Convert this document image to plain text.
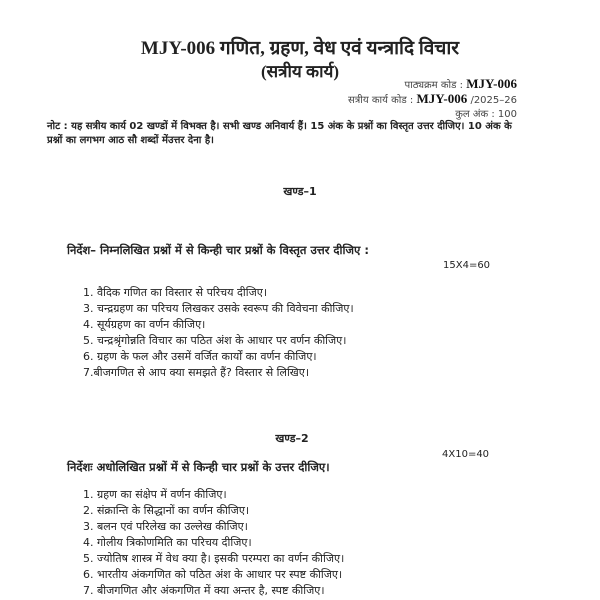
MJY-006 गणित, ग्रहण, वेध एवं यन्त्रादि विचार
(सत्रीय कार्य)
पाठ्यक्रम कोड : MJY-006
सत्रीय कार्य कोड : MJY-006 /2025–26
कुल अंक : 100
नोट : यह सत्रीय कार्य 02 खण्डों में विभक्त है। सभी खण्ड अनिवार्य हैं। 15 अंक के प्रश्नों का विस्तृत उत्तर दीजिए। 10 अंक के प्रश्नों का लगभग आठ सौ शब्दों मेंउत्तर देना है।
खण्ड–1
निर्देश– निम्नलिखित प्रश्नों में से किन्ही चार प्रश्नों के विस्तृत उत्तर दीजिए :
15X4=60
1. वैदिक गणित का विस्तार से परिचय दीजिए।
3. चन्द्रग्रहण का परिचय लिखकर उसके स्वरूप की विवेचना कीजिए।
4. सूर्यग्रहण का वर्णन कीजिए।
5. चन्द्रश्रृंगोन्नति विचार का पठित अंश के आधार पर वर्णन कीजिए।
6. ग्रहण के फल और उसमें वर्जित कार्यों का वर्णन कीजिए।
7.बीजगणित से आप क्या समझते हैं? विस्तार से लिखिए।
खण्ड–2
4X10=40
निर्देशः अधोलिखित प्रश्नों में से किन्ही चार प्रश्नों के उत्तर दीजिए।
1. ग्रहण का संक्षेप में वर्णन कीजिए।
2. संक्रान्ति के सिद्धानों का वर्णन कीजिए।
3. बलन एवं परिलेख का उल्लेख कीजिए।
4. गोलीय त्रिकोणमिति का परिचय दीजिए।
5. ज्योतिष शास्त्र में वेध क्या है। इसकी परम्परा का वर्णन कीजिए।
6. भारतीय अंकगणित को पठित अंश के आधार पर स्पष्ट कीजिए।
7. बीजगणित और अंकगणित में क्या अन्तर है, स्पष्ट कीजिए।
